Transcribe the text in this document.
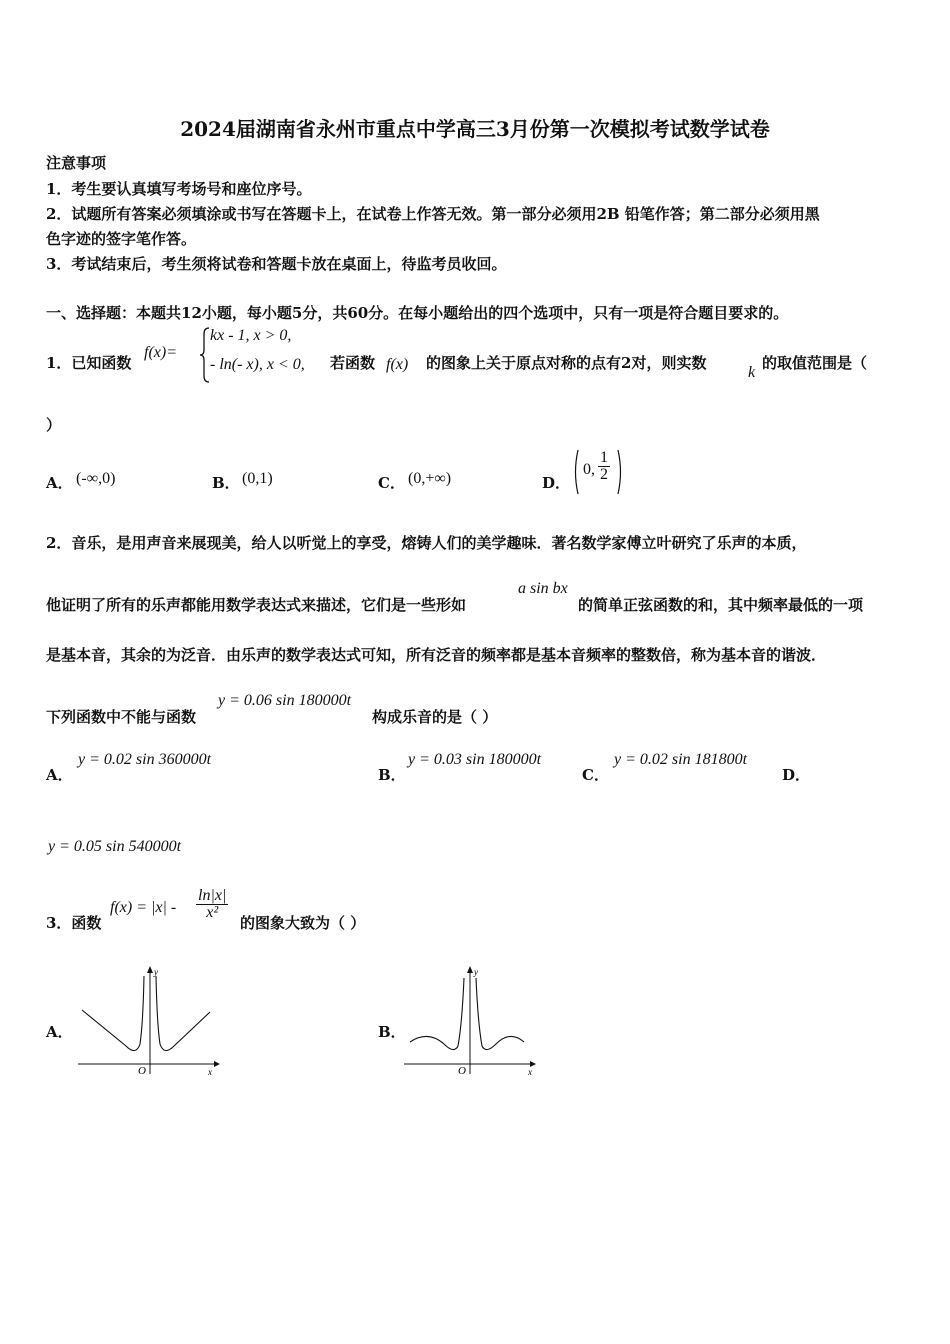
2024届湖南省永州市重点中学高三3月份第一次模拟考试数学试卷
注意事项
1．考生要认真填写考场号和座位序号。
2．试题所有答案必须填涂或书写在答题卡上，在试卷上作答无效。第一部分必须用2B 铅笔作答；第二部分必须用黑
色字迹的签字笔作答。
3．考试结束后，考生须将试卷和答题卡放在桌面上，待监考员收回。
一、选择题：本题共12小题，每小题5分，共60分。在每小题给出的四个选项中，只有一项是符合题目要求的。
1．已知函数
f(x)=
kx - 1, x > 0,
- ln(- x), x < 0, 若函数 f(x) 的图象上关于原点对称的点有2对，则实数
k
的取值范围是（
）
A． (-∞,0)	B． (0,1)	C． (0,+∞)	D．
0, $\frac{1}{2}$
2．音乐，是用声音来展现美，给人以听觉上的享受，熔铸人们的美学趣味．著名数学家傅立叶研究了乐声的本质，
他证明了所有的乐声都能用数学表达式来描述，它们是一些形如
a sin bx
的简单正弦函数的和，其中频率最低的一项
是基本音，其余的为泛音．由乐声的数学表达式可知，所有泛音的频率都是基本音频率的整数倍，称为基本音的谐波．
下列函数中不能与函数
y = 0.06 sin 180000t
构成乐音的是（ ）
A．
y = 0.02 sin 360000t
B．
y = 0.03 sin 180000t
C．
y = 0.02 sin 181800t
D．
y = 0.05 sin 540000t
3．函数
$f(x) = |x| - \frac{\ln|x|}{\text{x²}}$
的图象大致为（ ）
A．
O	x
y
B．
O	x
y
